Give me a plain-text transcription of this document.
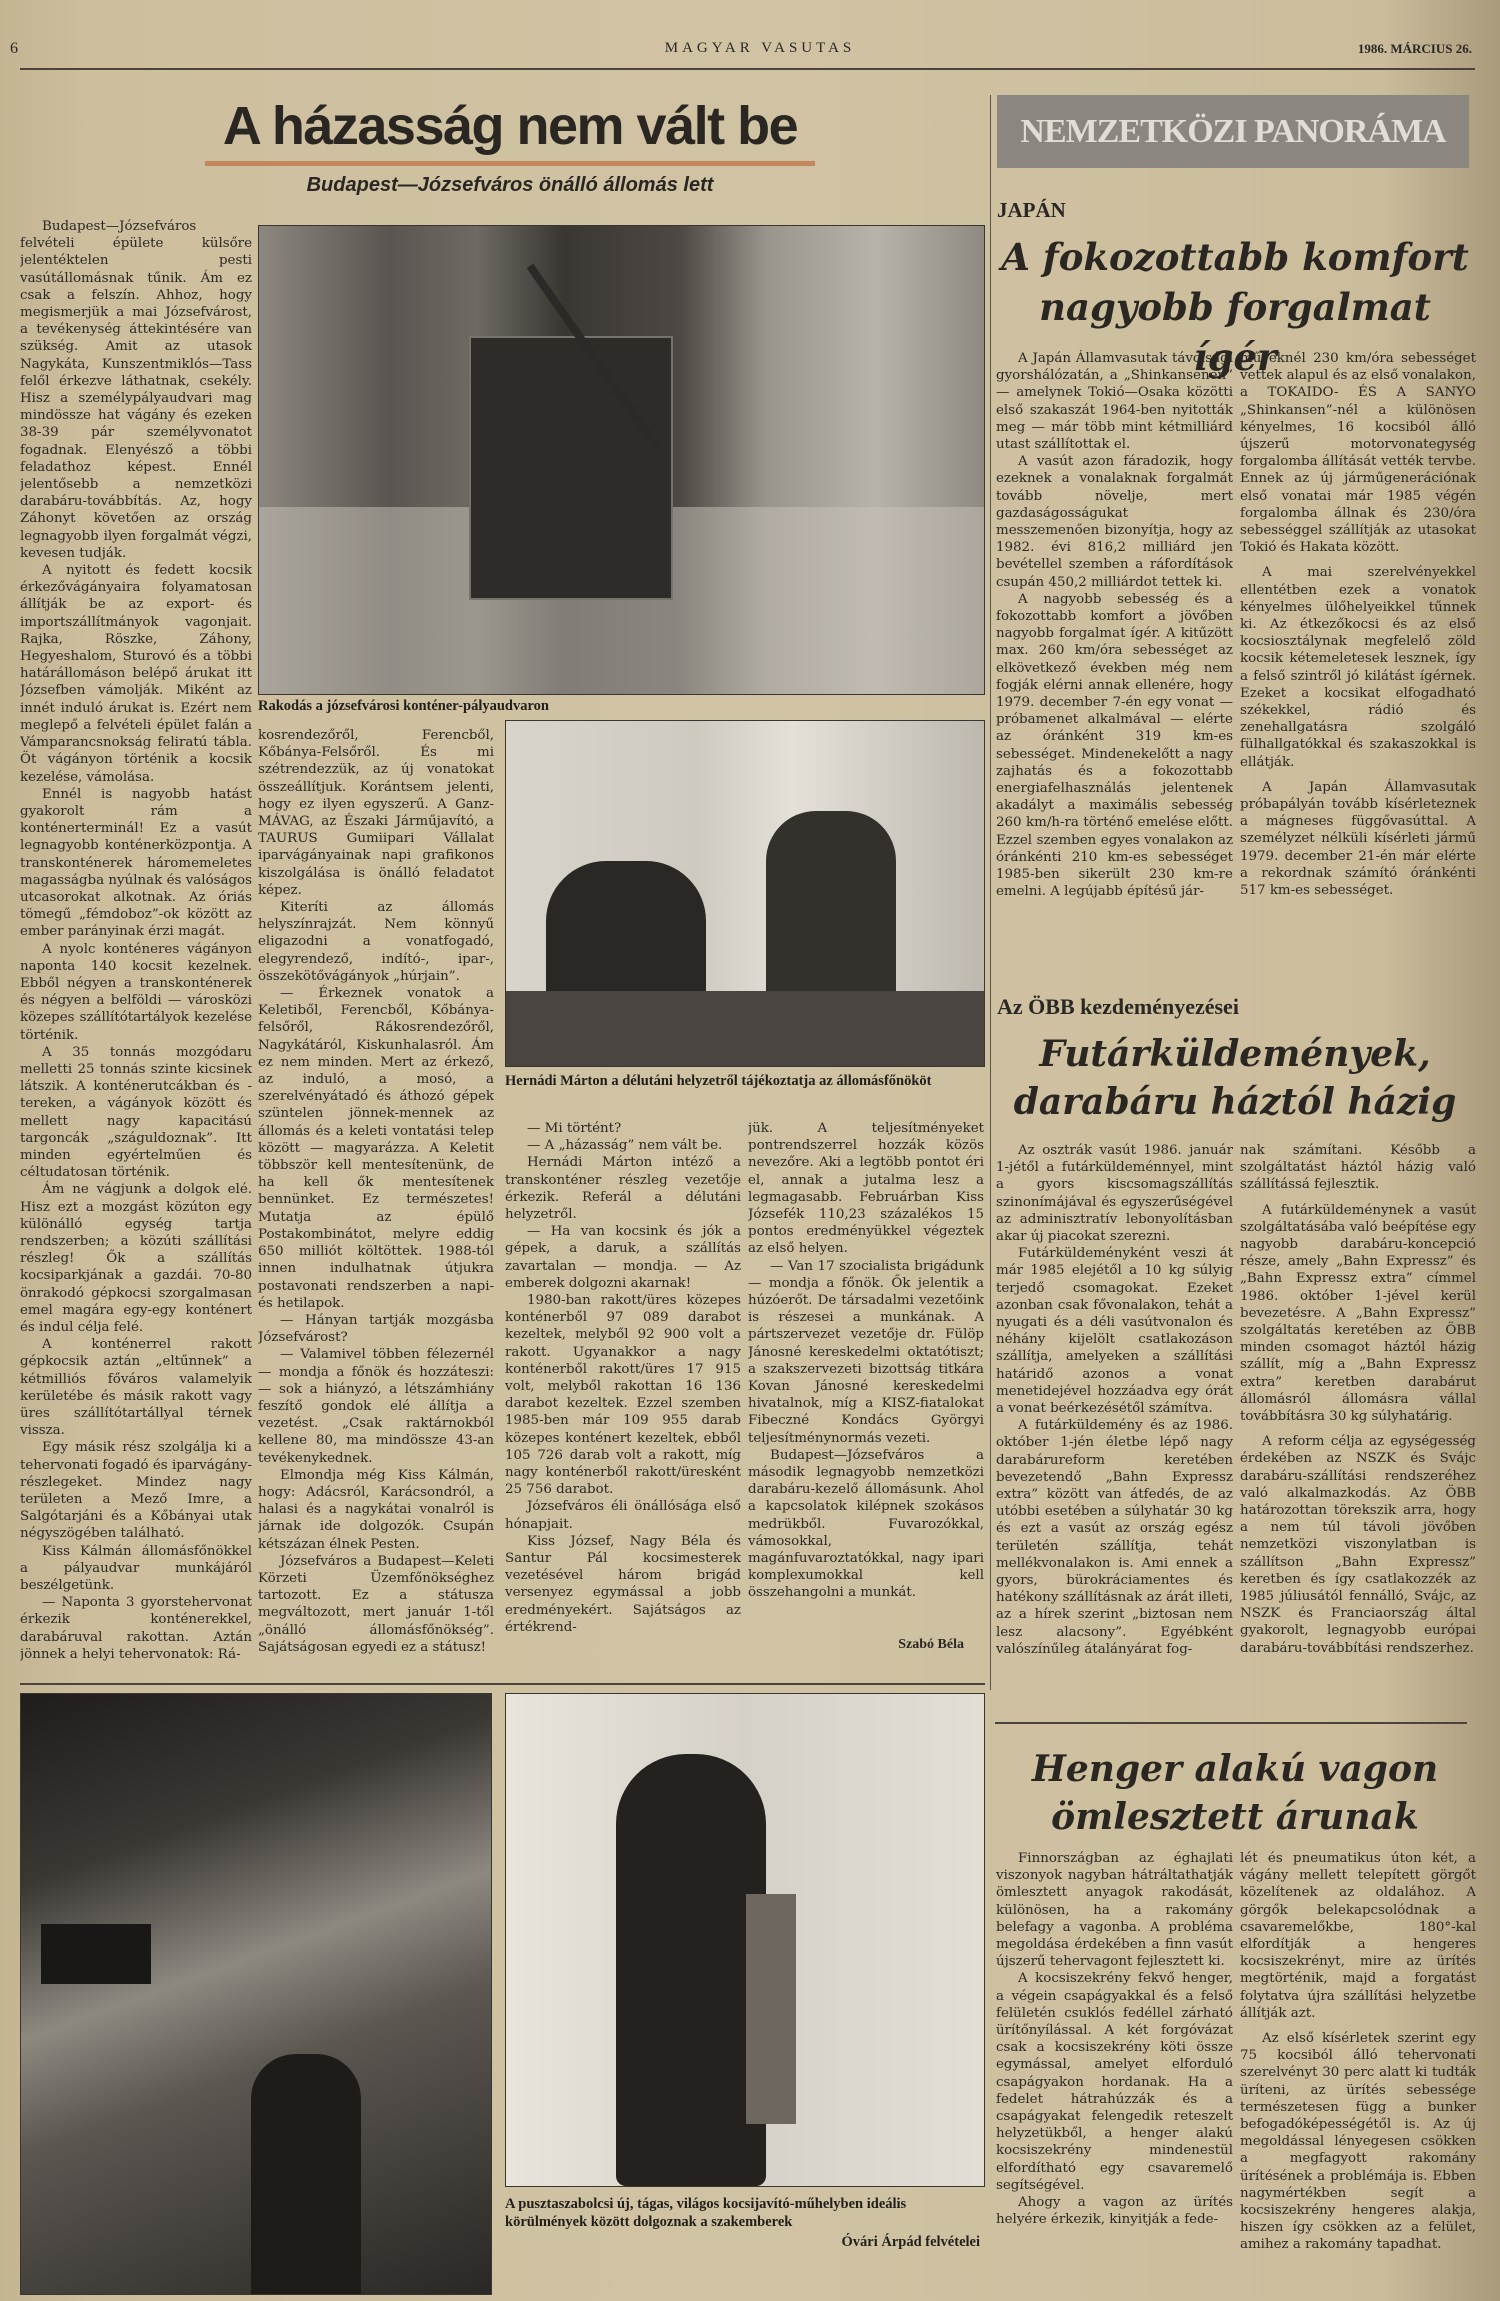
6	MAGYAR VASUTAS	1986. MÁRCIUS 26.
A házasság nem vált be
Budapest—Józsefváros önálló állomás lett

Budapest—Józsefváros felvételi épülete külsőre jelentéktelen pesti vasútállomásnak tűnik. Ám ez csak a felszín. Ahhoz, hogy megismerjük a mai Józsefvárost, a tevékenység áttekintésére van szükség. Amit az utasok Nagykáta, Kunszentmiklós—Tass felől érkezve láthatnak, csekély. Hisz a személypályaudvari mag mindössze hat vágány és ezeken 38-39 pár személyvonatot fogadnak. Elenyésző a többi feladathoz képest. Ennél jelentősebb a nemzetközi darabáru-továbbítás. Az, hogy Záhonyt követően az ország legnagyobb ilyen forgalmát végzi, kevesen tudják.

A nyitott és fedett kocsik érkezővágányaira folyamatosan állítják be az export- és importszállítmányok vagonjait. Rajka, Röszke, Záhony, Hegyeshalom, Sturovó és a többi határállomáson belépő árukat itt Józsefben vámolják. Miként az innét induló árukat is. Ezért nem meglepő a felvételi épület falán a Vámparancsnokság feliratú tábla. Öt vágányon történik a kocsik kezelése, vámolása.

Ennél is nagyobb hatást gyakorolt rám a konténerterminál! Ez a vasút legnagyobb konténerközpontja. A transkonténerek háromemeletes magasságba nyúlnak és valóságos utcasorokat alkotnak. Az óriás tömegű „fémdoboz”-ok között az ember parányinak érzi magát.

A nyolc konténeres vágányon naponta 140 kocsit kezelnek. Ebből négyen a transkonténerek és négyen a belföldi — városközi közepes szállítótartályok kezelése történik.

A 35 tonnás mozgódaru melletti 25 tonnás szinte kicsinek látszik. A konténerutcákban és -tereken, a vágányok között és mellett nagy kapacitású targoncák „száguldoznak”. Itt minden egyértelműen és céltudatosan történik.

Ám ne vágjunk a dolgok elé. Hisz ezt a mozgást közúton egy különálló egység tartja rendszerben; a közúti szállítási részleg! Ők a szállítás kocsiparkjának a gazdái. 70-80 önrakodó gépkocsi szorgalmasan emel magára egy-egy konténert és indul célja felé.

A konténerrel rakott gépkocsik aztán „eltűnnek” a kétmilliós főváros valamelyik kerületébe és másik rakott vagy üres szállítótartállyal térnek vissza.

Egy másik rész szolgálja ki a tehervonati fogadó és iparvágány-részlegeket. Mindez nagy területen a Mező Imre, a Salgótarjáni és a Kőbányai utak négyszögében található.

Kiss Kálmán állomásfőnökkel a pályaudvar munkájáról beszélgetünk.

— Naponta 3 gyorstehervonat érkezik konténerekkel, darabáruval rakottan. Aztán jönnek a helyi tehervonatok: Rá-

Rakodás a józsefvárosi konténer-pályaudvaron

kosrendezőről, Ferencből, Kőbánya-Felsőről. És mi szétrendezzük, az új vonatokat összeállítjuk. Korántsem jelenti, hogy ez ilyen egyszerű. A Ganz-MÁVAG, az Északi Járműjavító, a TAURUS Gumiipari Vállalat iparvágányainak napi grafikonos kiszolgálása is önálló feladatot képez.

Kiteríti az állomás helyszínrajzát. Nem könnyű eligazodni a vonatfogadó, elegyrendező, indító-, ipar-, összekötővágányok „húrjain”.

— Érkeznek vonatok a Keletiből, Ferencből, Kőbánya-felsőről, Rákosrendezőről, Nagykátáról, Kiskunhalasról. Ám ez nem minden. Mert az érkező, az induló, a mosó, a szerelvényátadó és áthozó gépek szüntelen jönnek-mennek az állomás és a keleti vontatási telep között — magyarázza. A Keletit többször kell mentesítenünk, de ha kell ők mentesítenek bennünket. Ez természetes! Mutatja az épülő Postakombinátot, melyre eddig 650 milliót költöttek. 1988-tól innen indulhatnak útjukra postavonati rendszerben a napi- és hetilapok.

— Hányan tartják mozgásba Józsefvárost?

— Valamivel többen félezernél — mondja a főnök és hozzáteszi: — sok a hiányzó, a létszámhiány feszítő gondok elé állítja a vezetést. „Csak raktárnokból kellene 80, ma mindössze 43-an tevékenykednek.

Elmondja még Kiss Kálmán, hogy: Adácsról, Karácsondról, a halasi és a nagykátai vonalról is járnak ide dolgozók. Csupán kétszázan élnek Pesten.

Józsefváros a Budapest—Keleti Körzeti Üzemfőnökséghez tartozott. Ez a státusza megváltozott, mert január 1-től „önálló állomásfőnökség”. Sajátságosan egyedi ez a státusz!

Hernádi Márton a délutáni helyzetről tájékoztatja az állomásfőnököt

— Mi történt?

— A „házasság” nem vált be.

Hernádi Márton intéző a transkonténer részleg vezetője érkezik. Referál a délutáni helyzetről.

— Ha van kocsink és jók a gépek, a daruk, a szállítás zavartalan — mondja. — Az emberek dolgozni akarnak!

1980-ban rakott/üres közepes konténerből 97 089 darabot kezeltek, melyből 92 900 volt a rakott. Ugyanakkor a nagy konténerből rakott/üres 17 915 volt, melyből rakottan 16 136 darabot kezeltek. Ezzel szemben 1985-ben már 109 955 darab közepes konténert kezeltek, ebből 105 726 darab volt a rakott, míg nagy konténerből rakott/üresként 25 756 darabot.

Józsefváros éli önállósága első hónapjait.

Kiss József, Nagy Béla és Santur Pál kocsimesterek vezetésével három brigád versenyez egymással a jobb eredményekért. Sajátságos az értékrend-

jük. A teljesítményeket pontrendszerrel hozzák közös nevezőre. Aki a legtöbb pontot éri el, annak a jutalma lesz a legmagasabb. Februárban Kiss Józsefék 110,23 százalékos 15 pontos eredményükkel végeztek az első helyen.

— Van 17 szocialista brigádunk — mondja a főnök. Ők jelentik a húzóerőt. De társadalmi vezetőink is részesei a munkának. A pártszervezet vezetője dr. Fülöp Jánosné kereskedelmi oktatótiszt; a szakszervezeti bizottság titkára Kovan Jánosné kereskedelmi hivatalnok, míg a KISZ-fiatalokat Fibeczné Kondács Györgyi teljesítménynormás vezeti.

Budapest—Józsefváros a második legnagyobb nemzetközi darabáru-kezelő állomásunk. Ahol a kapcsolatok kilépnek szokásos medrükből. Fuvarozókkal, vámosokkal, magánfuvaroztatókkal, nagy ipari komplexumokkal kell összehangolni a munkát.

Szabó Béla
A pusztaszabolcsi új, tágas, világos kocsijavító-műhelyben ideális körülmények között dolgoznak a szakemberek
Óvári Árpád felvételei
NEMZETKÖZI PANORÁMA
JAPÁN
A fokozottabb komfort
nagyobb forgalmat ígér

A Japán Államvasutak távolsági gyorshálózatán, a „Shinkansenen” — amelynek Tokió—Osaka közötti első szakaszát 1964-ben nyitották meg — már több mint kétmilliárd utast szállítottak el.

A vasút azon fáradozik, hogy ezeknek a vonalaknak forgalmát tovább növelje, mert gazdaságosságukat messzemenően bizonyítja, hogy az 1982. évi 816,2 milliárd jen bevétellel szemben a ráfordítások csupán 450,2 milliárdot tettek ki.

A nagyobb sebesség és a fokozottabb komfort a jövőben nagyobb forgalmat ígér. A kitűzött max. 260 km/óra sebességet az elkövetkező években még nem fogják elérni annak ellenére, hogy 1979. december 7-én egy vonat — próbamenet alkalmával — elérte az óránként 319 km-es sebességet. Mindenekelőtt a nagy zajhatás és a fokozottabb energiafelhasználás jelentenek akadályt a maximális sebesség 260 km/h-ra történő emelése előtt. Ezzel szemben egyes vonalakon az óránkénti 210 km-es sebességet 1985-ben sikerült 230 km-re emelni. A legújabb építésű jár-

műveknél 230 km/óra sebességet vettek alapul és az első vonalakon, a TOKAIDO- ÉS A SANYO „Shinkansen”-nél a különösen kényelmes, 16 kocsiból álló újszerű motorvonategység forgalomba állítását vették tervbe. Ennek az új járműgenerációnak első vonatai már 1985 végén forgalomba állnak és 230/óra sebességgel szállítják az utasokat Tokió és Hakata között.

A mai szerelvényekkel ellentétben ezek a vonatok kényelmes ülőhelyeikkel tűnnek ki. Az étkezőkocsi és az első kocsiosztálynak megfelelő zöld kocsik kétemeletesek lesznek, így a felső szintről jó kilátást ígérnek. Ezeket a kocsikat elfogadható székekkel, rádió és zenehallgatásra szolgáló fülhallgatókkal és szakaszokkal is ellátják.

A Japán Államvasutak próbapályán tovább kísérleteznek a mágneses függővasúttal. A személyzet nélküli kísérleti jármű 1979. december 21-én már elérte a rekordnak számító óránkénti 517 km-es sebességet.

Az ÖBB kezdeményezései
Futárküldemények,
darabáru háztól házig

Az osztrák vasút 1986. január 1-jétől a futárküldeménnyel, mint a gyors kiscsomagszállítás szinonímájával és egyszerűségével az adminisztratív lebonyolításban akar új piacokat szerezni.

Futárküldeményként veszi át már 1985 elejétől a 10 kg súlyig terjedő csomagokat. Ezeket azonban csak fővonalakon, tehát a nyugati és a déli vasútvonalon és néhány kijelölt csatlakozáson szállítja, amelyeken a szállítási határidő azonos a vonat menetidejével hozzáadva egy órát a vonat beérkezésétől számítva.

A futárküldemény és az 1986. október 1-jén életbe lépő nagy darabárureform keretében bevezetendő „Bahn Expressz extra” között van átfedés, de az utóbbi esetében a súlyhatár 30 kg és ezt a vasút az ország egész területén szállítja, tehát mellékvonalakon is. Ami ennek a gyors, bürokráciamentes és hatékony szállításnak az árát illeti, az a hírek szerint „biztosan nem lesz alacsony”. Egyébként valószínűleg átalányárat fog-

nak számítani. Később a szolgáltatást háztól házig való szállítássá fejlesztik.

A futárküldeménynek a vasút szolgáltatásába való beépítése egy nagyobb darabáru-koncepció része, amely „Bahn Expressz” és „Bahn Expressz extra” címmel 1986. október 1-jével kerül bevezetésre. A „Bahn Expressz” szolgáltatás keretében az ÖBB minden csomagot háztól házig szállít, míg a „Bahn Expressz extra” keretben darabárut állomásról állomásra vállal továbbításra 30 kg súlyhatárig.

A reform célja az egységesség érdekében az NSZK és Svájc darabáru-szállítási rendszeréhez való alkalmazkodás. Az ÖBB határozottan törekszik arra, hogy a nem túl távoli jövőben nemzetközi viszonylatban is szállítson „Bahn Expressz” keretben és így csatlakozzék az 1985 júliusától fennálló, Svájc, az NSZK és Franciaország által gyakorolt, legnagyobb európai darabáru-továbbítási rendszerhez.

Henger alakú vagon
ömlesztett árunak

Finnországban az éghajlati viszonyok nagyban hátráltathatják ömlesztett anyagok rakodását, különösen, ha a rakomány belefagy a vagonba. A probléma megoldása érdekében a finn vasút újszerű tehervagont fejlesztett ki.

A kocsiszekrény fekvő henger, a végein csapágyakkal és a felső felületén csuklós fedéllel zárható ürítőnyílással. A két forgóvázat csak a kocsiszekrény köti össze egymással, amelyet elforduló csapágyakon hordanak. Ha a fedelet hátrahúzzák és a csapágyakat felengedik reteszelt helyzetükből, a henger alakú kocsiszekrény mindenestül elfordítható egy csavaremelő segítségével.

Ahogy a vagon az ürítés helyére érkezik, kinyitják a fede-

lét és pneumatikus úton két, a vágány mellett telepített görgőt közelítenek az oldalához. A görgők belekapcsolódnak a csavaremelőkbe, 180°-kal elfordítják a hengeres kocsiszekrényt, mire az ürítés megtörténik, majd a forgatást folytatva újra szállítási helyzetbe állítják azt.

Az első kísérletek szerint egy 75 kocsiból álló tehervonati szerelvényt 30 perc alatt ki tudták üríteni, az ürítés sebessége természetesen függ a bunker befogadóképességétől is. Az új megoldással lényegesen csökken a megfagyott rakomány ürítésének a problémája is. Ebben nagymértékben segít a kocsiszekrény hengeres alakja, hiszen így csökken az a felület, amihez a rakomány tapadhat.
